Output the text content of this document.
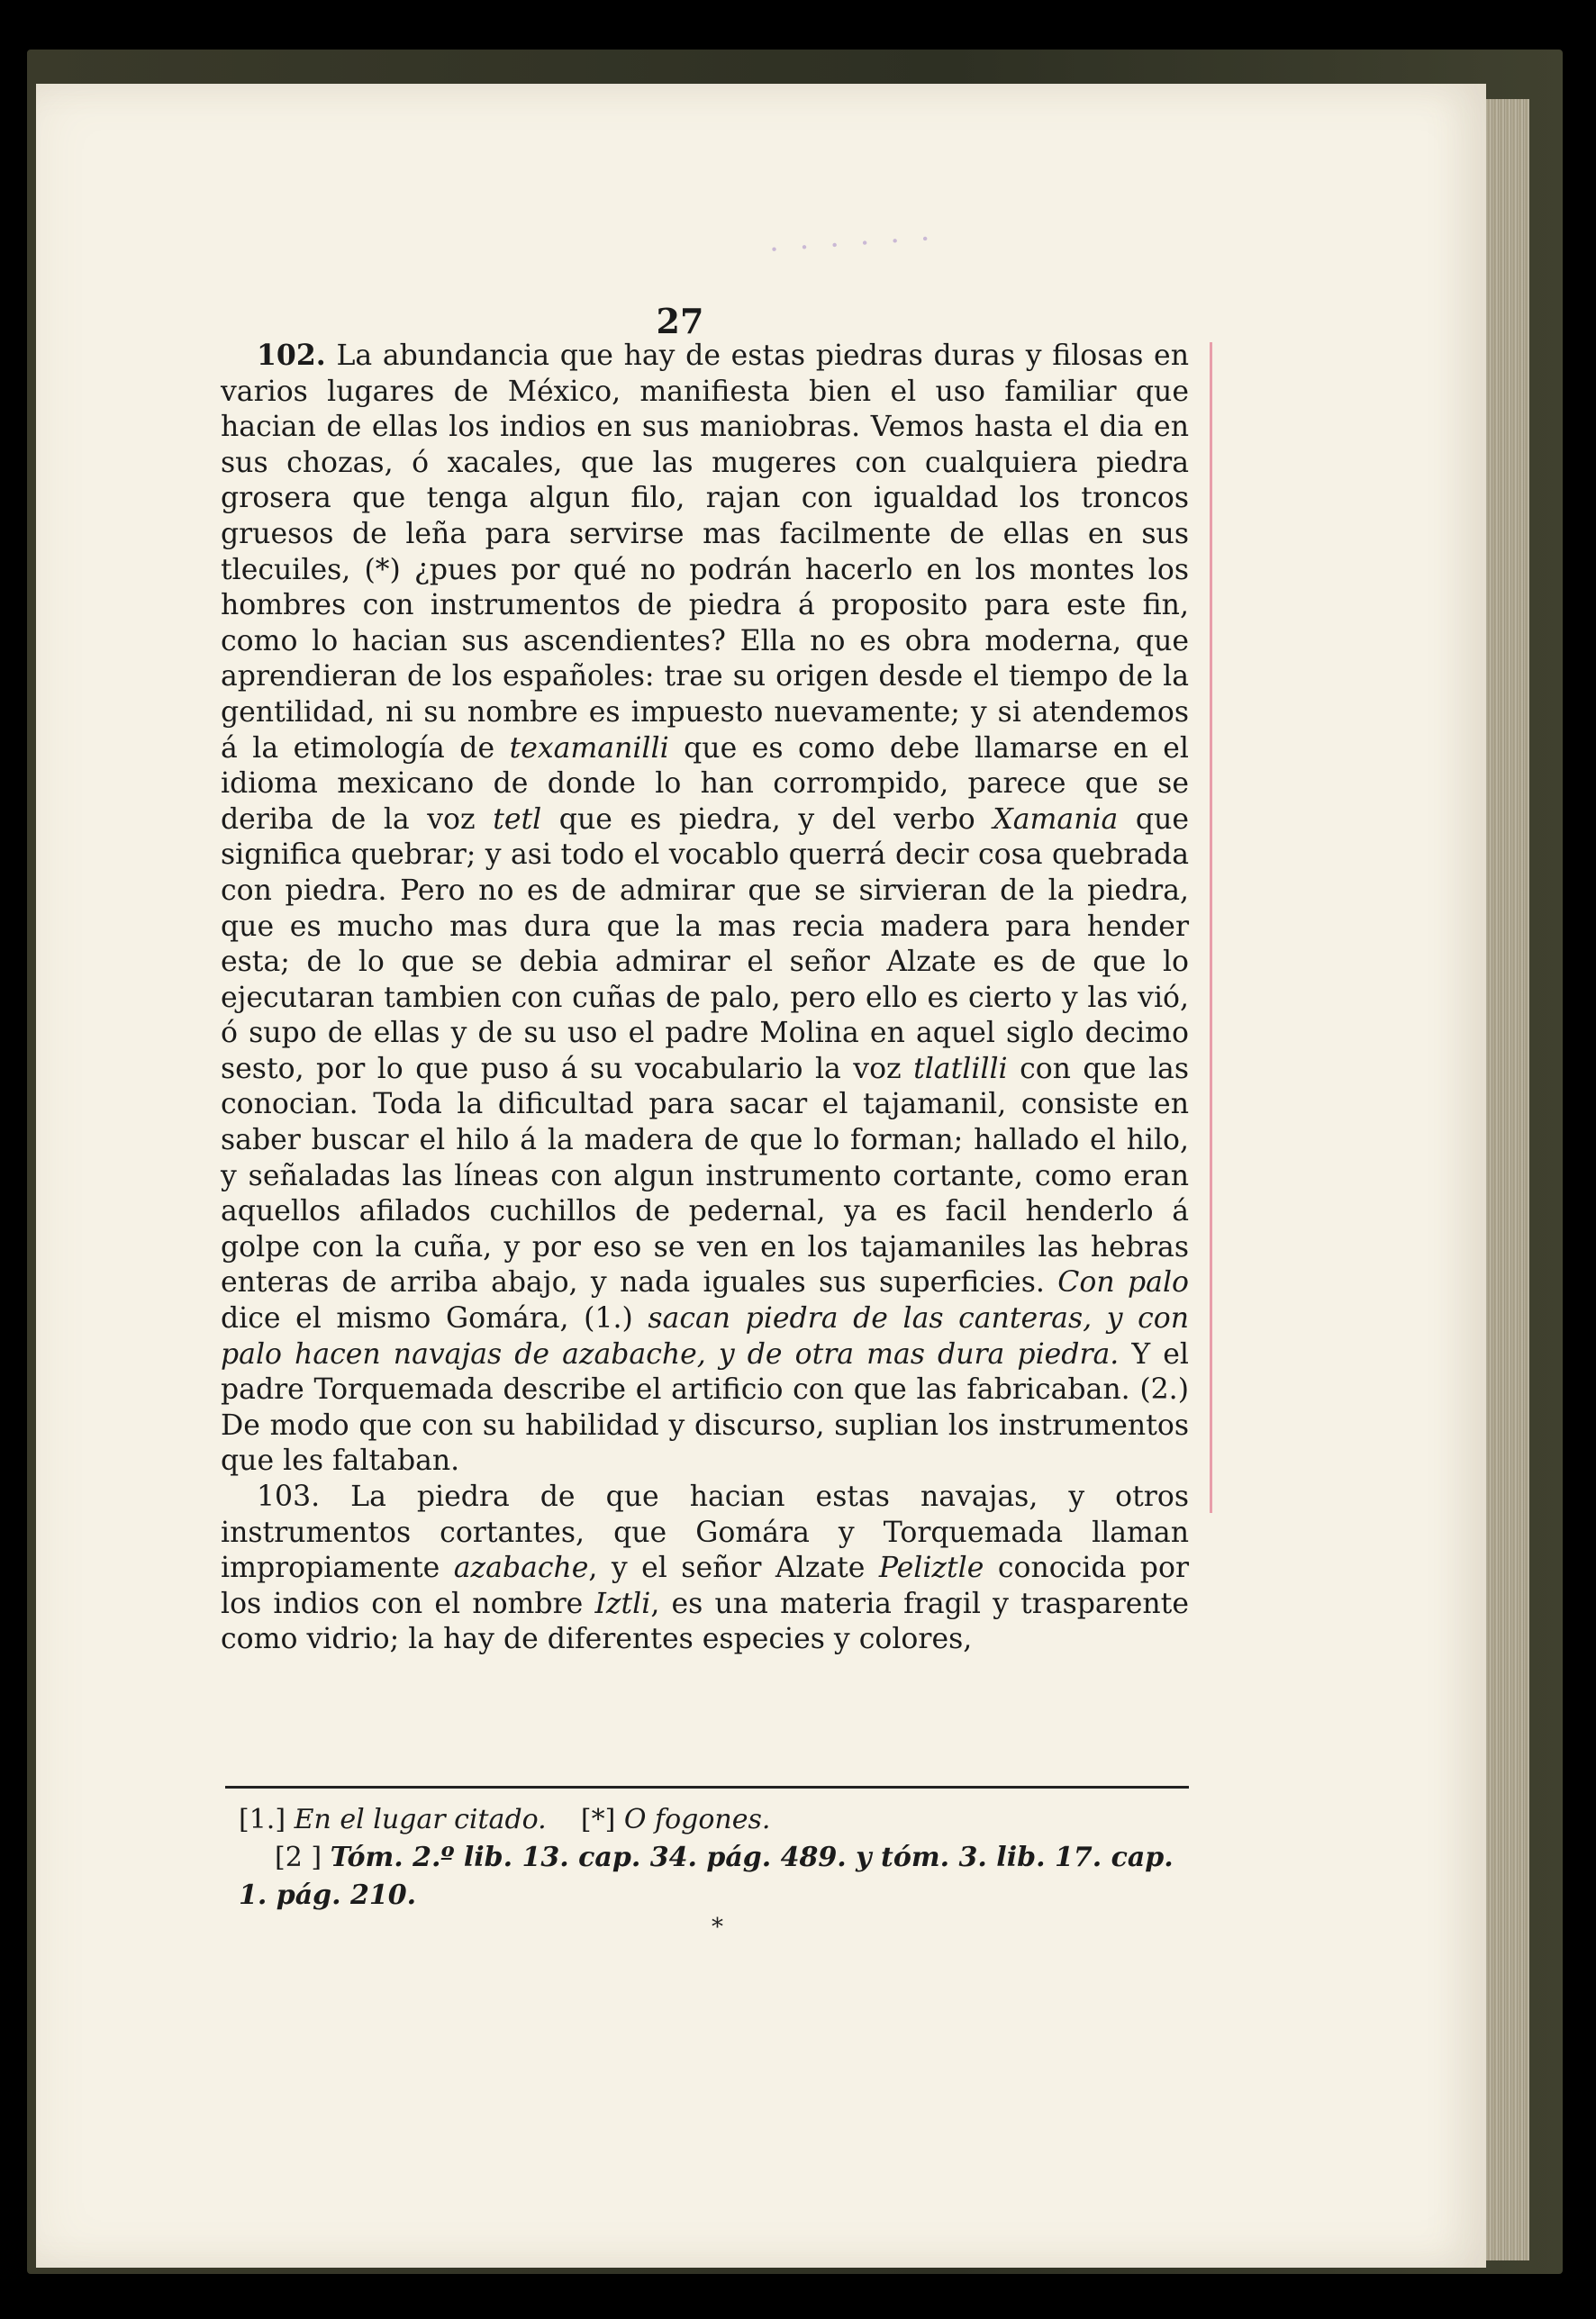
· · · · · ·
27

102. La abundancia que hay de estas piedras duras y filosas en varios lugares de México, manifiesta bien el uso familiar que hacian de ellas los indios en sus maniobras. Vemos hasta el dia en sus chozas, ó xacales, que las mugeres con cualquiera piedra grosera que tenga algun filo, rajan con igualdad los troncos gruesos de leña para servirse mas facilmente de ellas en sus tlecuiles, (*) ¿pues por qué no podrán hacerlo en los montes los hombres con instrumentos de piedra á proposito para este fin, como lo hacian sus ascendientes? Ella no es obra moderna, que aprendieran de los españoles: trae su origen desde el tiempo de la gentilidad, ni su nombre es impuesto nuevamente; y si atendemos á la etimología de texamanilli que es como debe llamarse en el idioma mexicano de donde lo han corrompido, parece que se deriba de la voz tetl que es piedra, y del verbo Xamania que significa quebrar; y asi todo el vocablo querrá decir cosa quebrada con piedra. Pero no es de admirar que se sirvieran de la piedra, que es mucho mas dura que la mas recia madera para hender esta; de lo que se debia admirar el señor Alzate es de que lo ejecutaran tambien con cuñas de palo, pero ello es cierto y las vió, ó supo de ellas y de su uso el padre Molina en aquel siglo decimo sesto, por lo que puso á su vocabulario la voz tlatlilli con que las conocian. Toda la dificultad para sacar el tajamanil, consiste en saber buscar el hilo á la madera de que lo forman; hallado el hilo, y señaladas las líneas con algun instrumento cortante, como eran aquellos afilados cuchillos de pedernal, ya es facil henderlo á golpe con la cuña, y por eso se ven en los tajamaniles las hebras enteras de arriba abajo, y nada iguales sus superficies. Con palo dice el mismo Gomára, (1.) sacan piedra de las canteras, y con palo hacen navajas de azabache, y de otra mas dura piedra. Y el padre Torquemada describe el artificio con que las fabricaban. (2.) De modo que con su habilidad y discurso, suplian los instrumentos que les faltaban.

103. La piedra de que hacian estas navajas, y otros instrumentos cortantes, que Gomára y Torquemada llaman impropiamente azabache, y el señor Alzate Peliztle conocida por los indios con el nombre Iztli, es una materia fragil y trasparente como vidrio; la hay de diferentes especies y colores,

[1.] En el lugar citado. [*] O fogones.

[2 ] Tóm. 2.º lib. 13. cap. 34. pág. 489. y tóm. 3. lib. 17. cap. 1. pág. 210.

*
